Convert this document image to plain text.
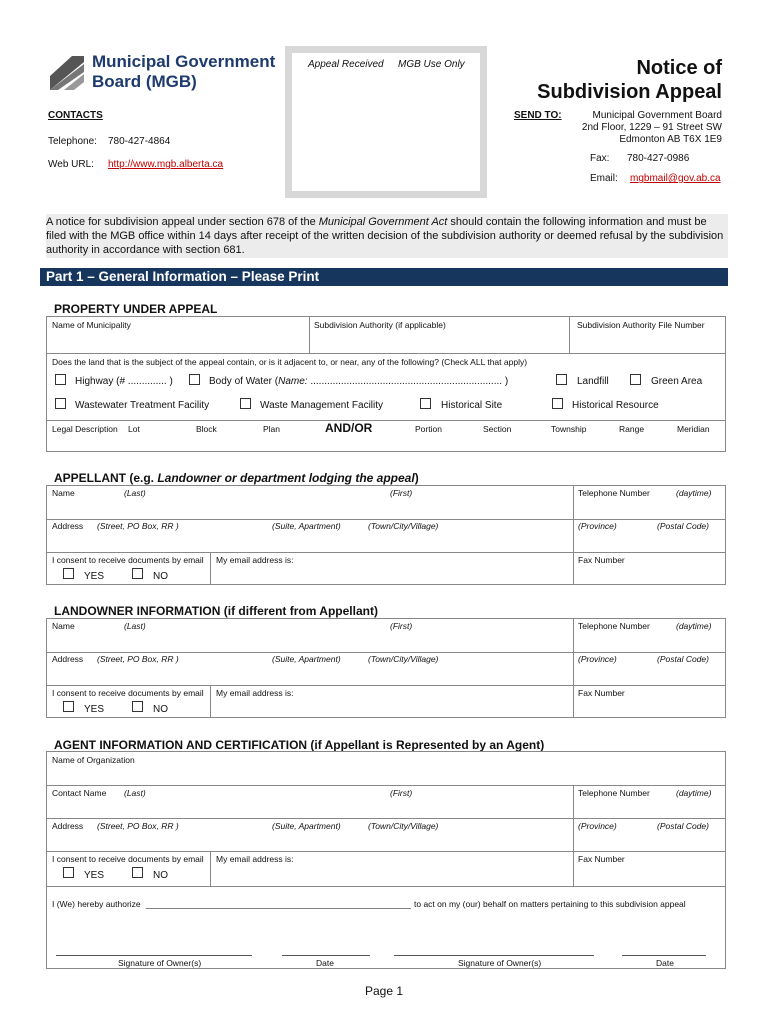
Municipal Government
Board (MGB)
Appeal Received MGB Use Only	Notice of
Subdivision Appeal
CONTACTS
Telephone: 780-427-4864
Web URL: http://www.mgb.alberta.ca
SEND TO:	Municipal Government Board
2nd Floor, 1229 – 91 Street SW
Edmonton AB T6X 1E9
Fax: 780-427-0986
Email: mgbmail@gov.ab.ca
A notice for subdivision appeal under section 678 of the Municipal Government Act should contain the following information and must be filed with the MGB office within 14 days after receipt of the written decision of the subdivision authority or deemed refusal by the subdivision authority in accordance with section 681.
Part 1 – General Information – Please Print
PROPERTY UNDER APPEAL
Name of Municipality	Subdivision Authority (if applicable)	Subdivision Authority File Number
Does the land that is the subject of the appeal contain, or is it adjacent to, or near, any of the following? (Check ALL that apply)
Highway (# .............. )	Body of Water (Name: ..................................................................... )	Landfill	Green Area
Wastewater Treatment Facility	Waste Management Facility	Historical Site	Historical Resource
Legal Description Lot	Block	Plan	AND/OR	Portion	Section	Township	Range	Meridian
APPELLANT (e.g. Landowner or department lodging the appeal)
Name	(Last)	(First)	Telephone Number	(daytime)
Address (Street, PO Box, RR )	(Suite, Apartment)	(Town/City/Village)	(Province)	(Postal Code)
I consent to receive documents by email My email address is:	Fax Number
YES	NO
LANDOWNER INFORMATION (if different from Appellant)
Name	(Last)	(First)	Telephone Number	(daytime)
Address (Street, PO Box, RR )	(Suite, Apartment)	(Town/City/Village)	(Province)	(Postal Code)
I consent to receive documents by email My email address is:	Fax Number
YES	NO
AGENT INFORMATION AND CERTIFICATION (if Appellant is Represented by an Agent)
Name of Organization
Contact Name (Last)	(First)	Telephone Number	(daytime)
Address (Street, PO Box, RR )	(Suite, Apartment)	(Town/City/Village)	(Province)	(Postal Code)
I consent to receive documents by email My email address is:	Fax Number
YES	NO
I (We) hereby authorize ________________________________________________________ to act on my (our) behalf on matters pertaining to this subdivision appeal
Signature of Owner(s)	Date	Signature of Owner(s)	Date
Page 1
